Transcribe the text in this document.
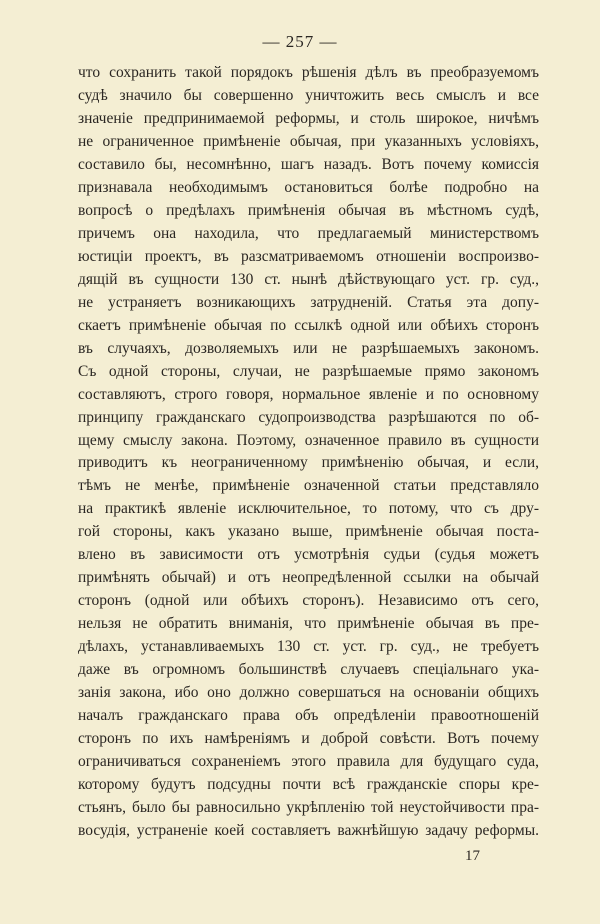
— 257 —
что сохранить такой порядокъ рѣшенія дѣлъ въ преобразуемомъ
судѣ значило бы совершенно уничтожить весь смыслъ и все
значеніе предпринимаемой реформы, и столь широкое, ничѣмъ
не ограниченное примѣненіе обычая, при указанныхъ условіяхъ,
составило бы, несомнѣнно, шагъ назадъ. Вотъ почему комиссія
признавала необходимымъ остановиться болѣе подробно на
вопросѣ о предѣлахъ примѣненія обычая въ мѣстномъ судѣ,
причемъ она находила, что предлагаемый министерствомъ
юстиціи проектъ, въ разсматриваемомъ отношеніи воспроизво-
дящій въ сущности 130 ст. нынѣ дѣйствующаго уст. гр. суд.,
не устраняетъ возникающихъ затрудненій. Статья эта допу-
скаетъ примѣненіе обычая по ссылкѣ одной или обѣихъ сторонъ
въ случаяхъ, дозволяемыхъ или не разрѣшаемыхъ закономъ.
Съ одной стороны, случаи, не разрѣшаемые прямо закономъ
составляютъ, строго говоря, нормальное явленіе и по основному
принципу гражданскаго судопроизводства разрѣшаются по об-
щему смыслу закона. Поэтому, означенное правило въ сущности
приводитъ къ неограниченному примѣненію обычая, и если,
тѣмъ не менѣе, примѣненіе означенной статьи представляло
на практикѣ явленіе исключительное, то потому, что съ дру-
гой стороны, какъ указано выше, примѣненіе обычая поста-
влено въ зависимости отъ усмотрѣнія судьи (судья можетъ
примѣнять обычай) и отъ неопредѣленной ссылки на обычай
сторонъ (одной или обѣихъ сторонъ). Независимо отъ сего,
нельзя не обратить вниманія, что примѣненіе обычая въ пре-
дѣлахъ, устанавливаемыхъ 130 ст. уст. гр. суд., не требуетъ
даже въ огромномъ большинствѣ случаевъ спеціальнаго ука-
занія закона, ибо оно должно совершаться на основаніи общихъ
началъ гражданскаго права объ опредѣленіи правоотношеній
сторонъ по ихъ намѣреніямъ и доброй совѣсти. Вотъ почему
ограничиваться сохраненіемъ этого правила для будущаго суда,
которому будутъ подсудны почти всѣ гражданскіе споры кре-
стьянъ, было бы равносильно укрѣпленію той неустойчивости пра-
восудія, устраненіе коей составляетъ важнѣйшую задачу реформы.
17
